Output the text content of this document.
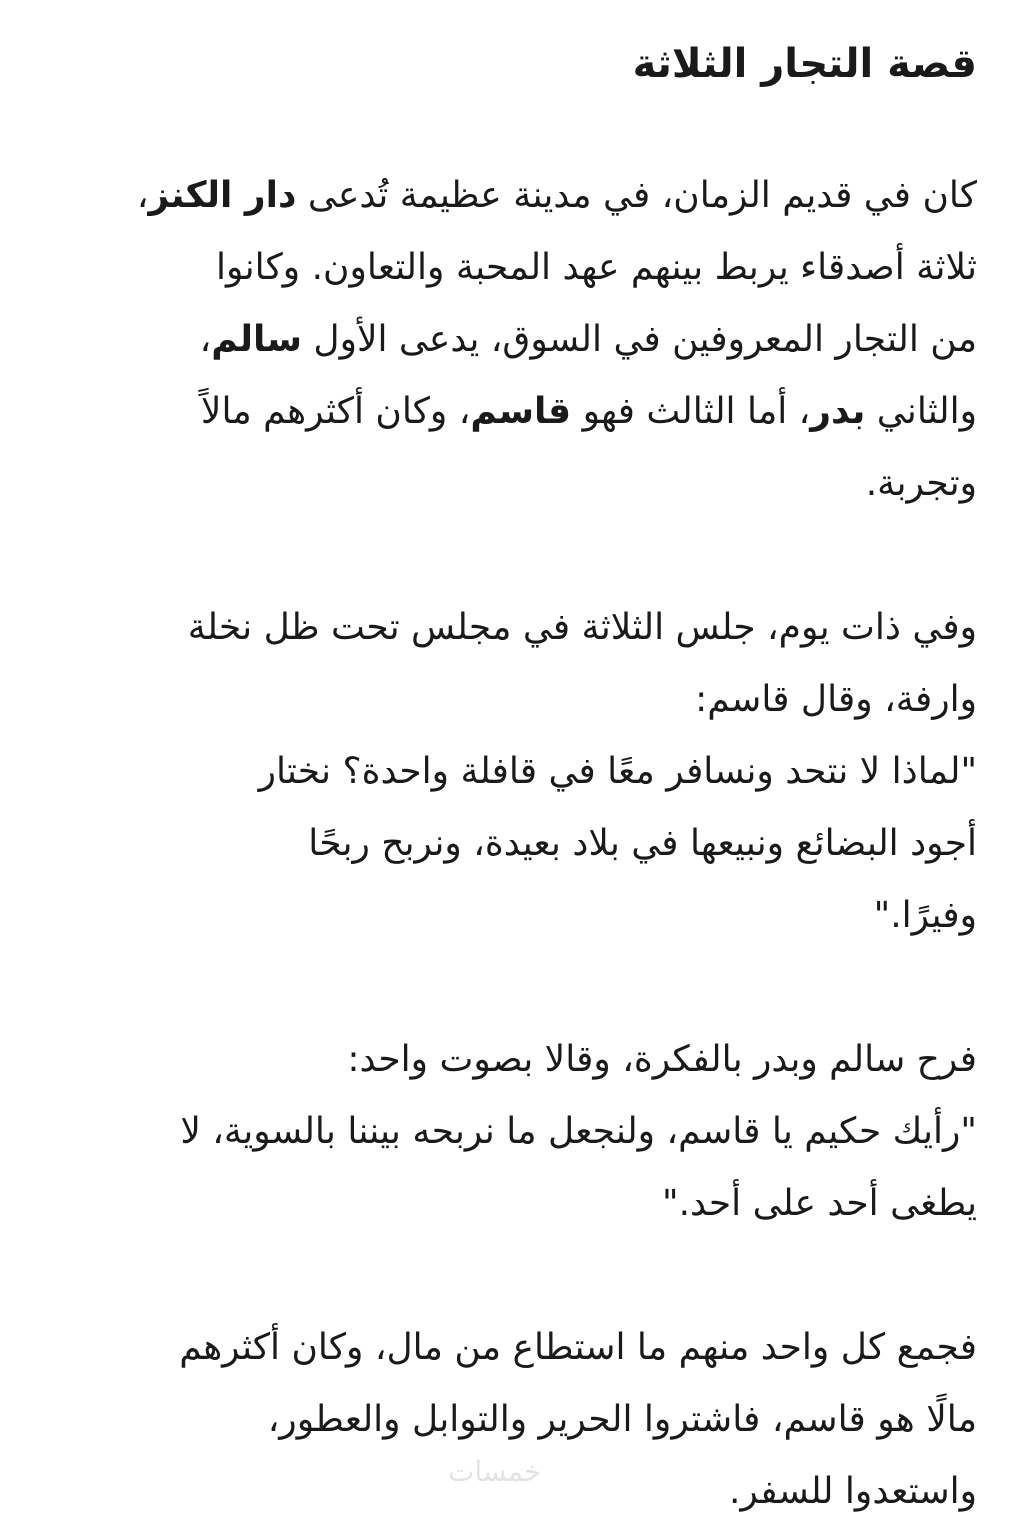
قصة التجار الثلاثة

كان في قديم الزمان، في مدينة عظيمة تُدعى دار الكنز،
ثلاثة أصدقاء يربط بينهم عهد المحبة والتعاون. وكانوا
من التجار المعروفين في السوق، يدعى الأول سالم،
والثاني بدر، أما الثالث فهو قاسم، وكان أكثرهم مالاً
وتجربة.

وفي ذات يوم، جلس الثلاثة في مجلس تحت ظل نخلة
وارفة، وقال قاسم:
"لماذا لا نتحد ونسافر معًا في قافلة واحدة؟ نختار
أجود البضائع ونبيعها في بلاد بعيدة، ونربح ربحًا
وفيرًا."

فرح سالم وبدر بالفكرة، وقالا بصوت واحد:
"رأيك حكيم يا قاسم، ولنجعل ما نربحه بيننا بالسوية، لا
يطغى أحد على أحد."

فجمع كل واحد منهم ما استطاع من مال، وكان أكثرهم
مالًا هو قاسم، فاشتروا الحرير والتوابل والعطور،
واستعدوا للسفر.

خمسات
